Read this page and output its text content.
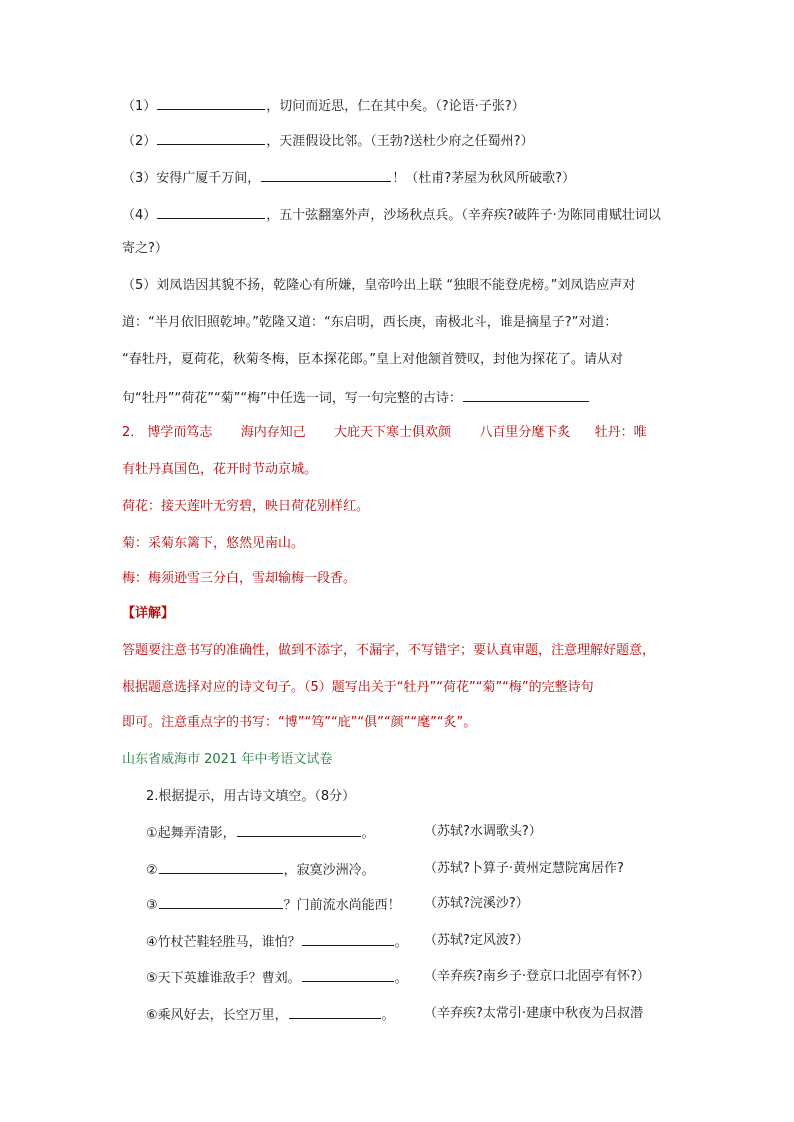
（1）	，切问而近思，仁在其中矣。（?论语·子张?）
（2）	，天涯假设比邻。（王勃?送杜少府之任蜀州?）
（3）安得广厦千万间，	！（杜甫?茅屋为秋风所破歌?）
（4）	，五十弦翻塞外声，沙场秋点兵。（辛弃疾?破阵子·为陈同甫赋壮词以
寄之?）
（5）刘凤诰因其貌不扬，乾隆心有所嫌，皇帝吟出上联 “独眼不能登虎榜。”刘凤诰应声对
道：“半月依旧照乾坤。”乾隆又道：“东启明，西长庚，南极北斗，谁是摘星子?”对道：
“春牡丹，夏荷花，秋菊冬梅，臣本探花郎。”皇上对他颔首赞叹，封他为探花了。请从对
句“牡丹”“荷花”“菊”“梅”中任选一词，写一句完整的古诗：
2． 博学而笃志 海内存知己 大庇天下寒士俱欢颜 八百里分麾下炙 牡丹：唯
有牡丹真国色，花开时节动京城。
荷花：接天莲叶无穷碧，映日荷花别样红。
菊：采菊东篱下，悠然见南山。
梅：梅须逊雪三分白，雪却输梅一段香。
【详解】
答题要注意书写的准确性，做到不添字，不漏字，不写错字；要认真审题，注意理解好题意，
根据题意选择对应的诗文句子。（5）题写出关于“牡丹”“荷花”“菊”“梅”的完整诗句
即可。注意重点字的书写：“博”“笃”“庇”“俱”“颜”“麾”“炙”。
山东省威海市 2021 年中考语文试卷
2.根据提示，用古诗文填空。（8分）
①起舞弄清影，	。	（苏轼?水调歌头?）
②	，寂寞沙洲冷。	（苏轼?卜算子·黄州定慧院寓居作?
③	？门前流水尚能西！ （苏轼?浣溪沙?）
④竹杖芒鞋轻胜马，谁怕？	。 （苏轼?定风波?）
⑤天下英雄谁敌手？曹刘。	。 （辛弃疾?南乡子·登京口北固亭有怀?）
⑥乘风好去，长空万里，	。 （辛弃疾?太常引·建康中秋夜为吕叔潜
